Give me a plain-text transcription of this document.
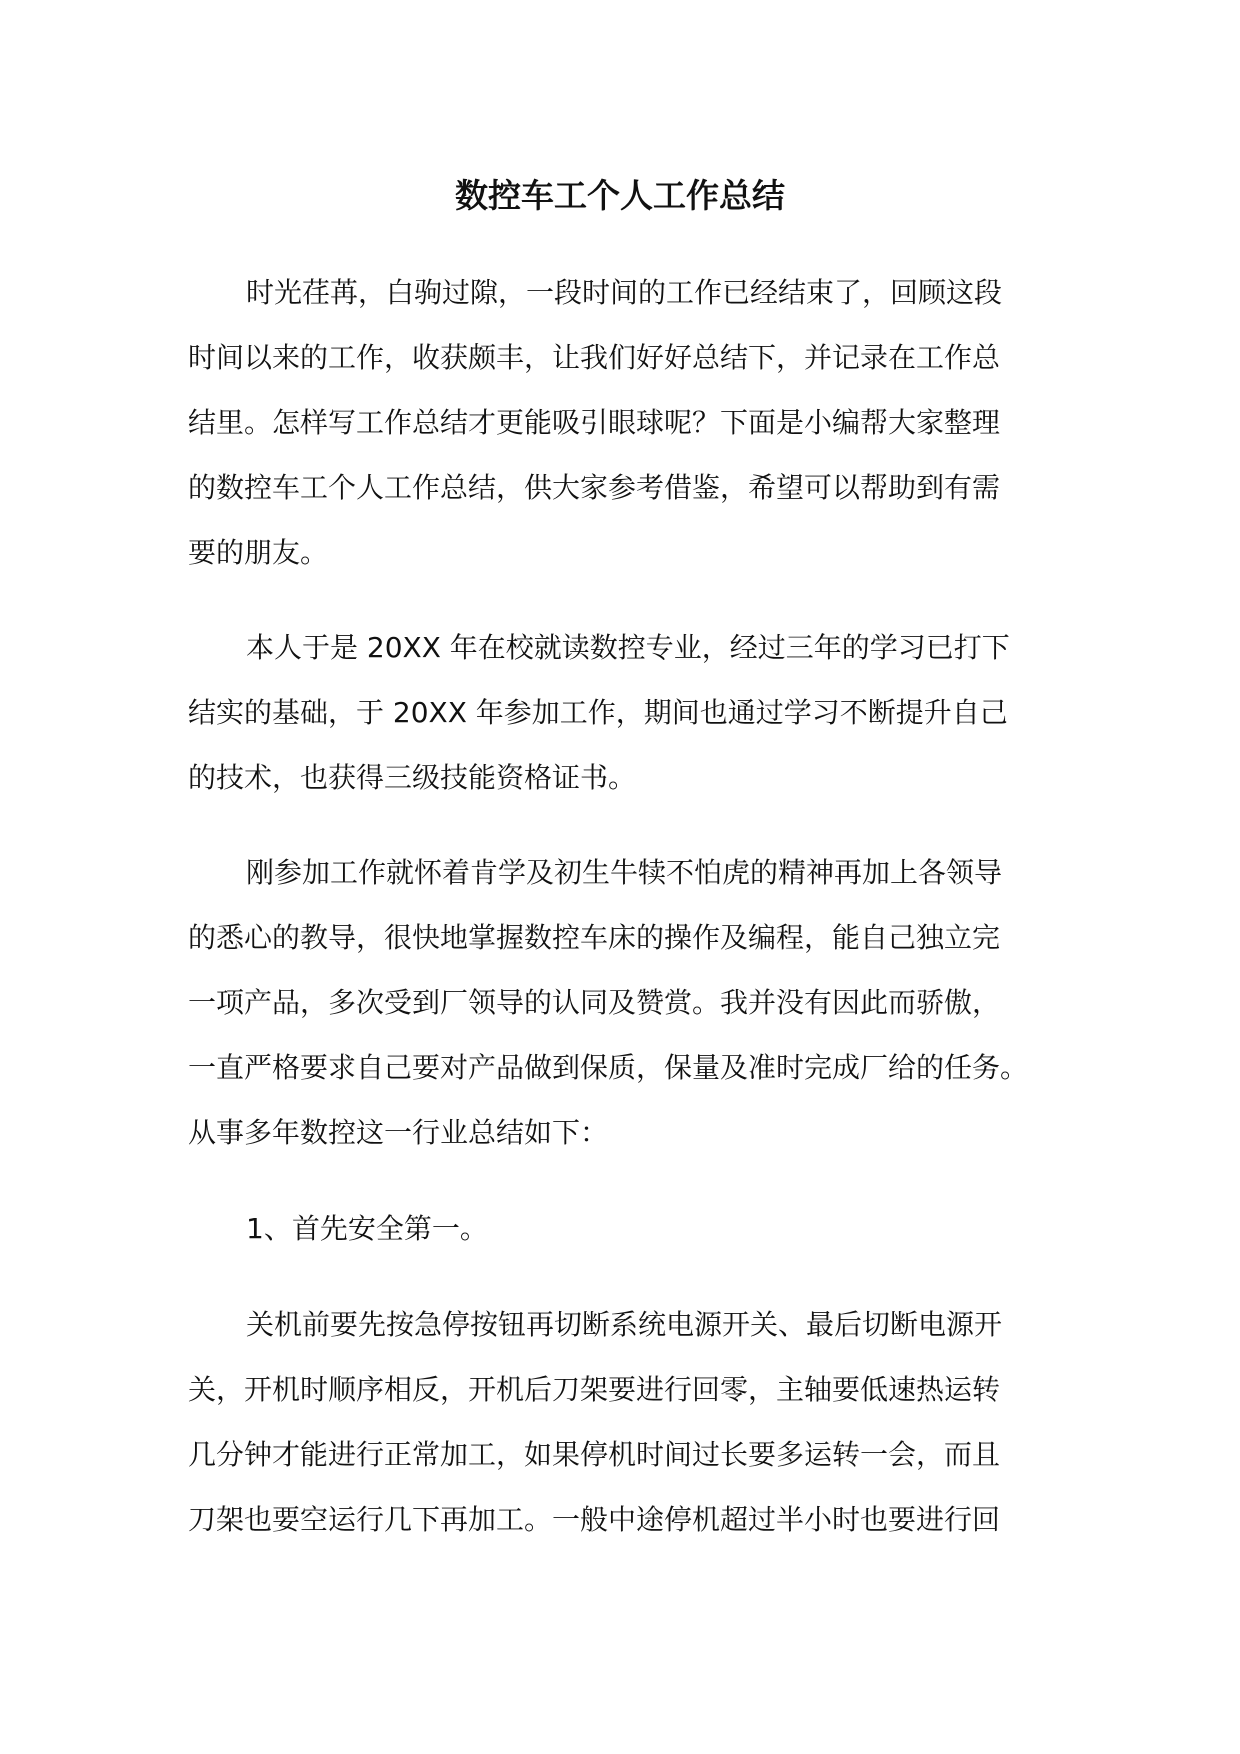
数控车工个人工作总结
时光荏苒，白驹过隙，一段时间的工作已经结束了，回顾这段
时间以来的工作，收获颇丰，让我们好好总结下，并记录在工作总
结里。怎样写工作总结才更能吸引眼球呢？下面是小编帮大家整理
的数控车工个人工作总结，供大家参考借鉴，希望可以帮助到有需
要的朋友。
本人于是 20XX 年在校就读数控专业，经过三年的学习已打下
结实的基础，于 20XX 年参加工作，期间也通过学习不断提升自己
的技术，也获得三级技能资格证书。
刚参加工作就怀着肯学及初生牛犊不怕虎的精神再加上各领导
的悉心的教导，很快地掌握数控车床的操作及编程，能自己独立完
一项产品，多次受到厂领导的认同及赞赏。我并没有因此而骄傲，
一直严格要求自己要对产品做到保质，保量及准时完成厂给的任务。
从事多年数控这一行业总结如下：
1、首先安全第一。
关机前要先按急停按钮再切断系统电源开关、最后切断电源开
关，开机时顺序相反，开机后刀架要进行回零，主轴要低速热运转
几分钟才能进行正常加工，如果停机时间过长要多运转一会，而且
刀架也要空运行几下再加工。一般中途停机超过半小时也要进行回
